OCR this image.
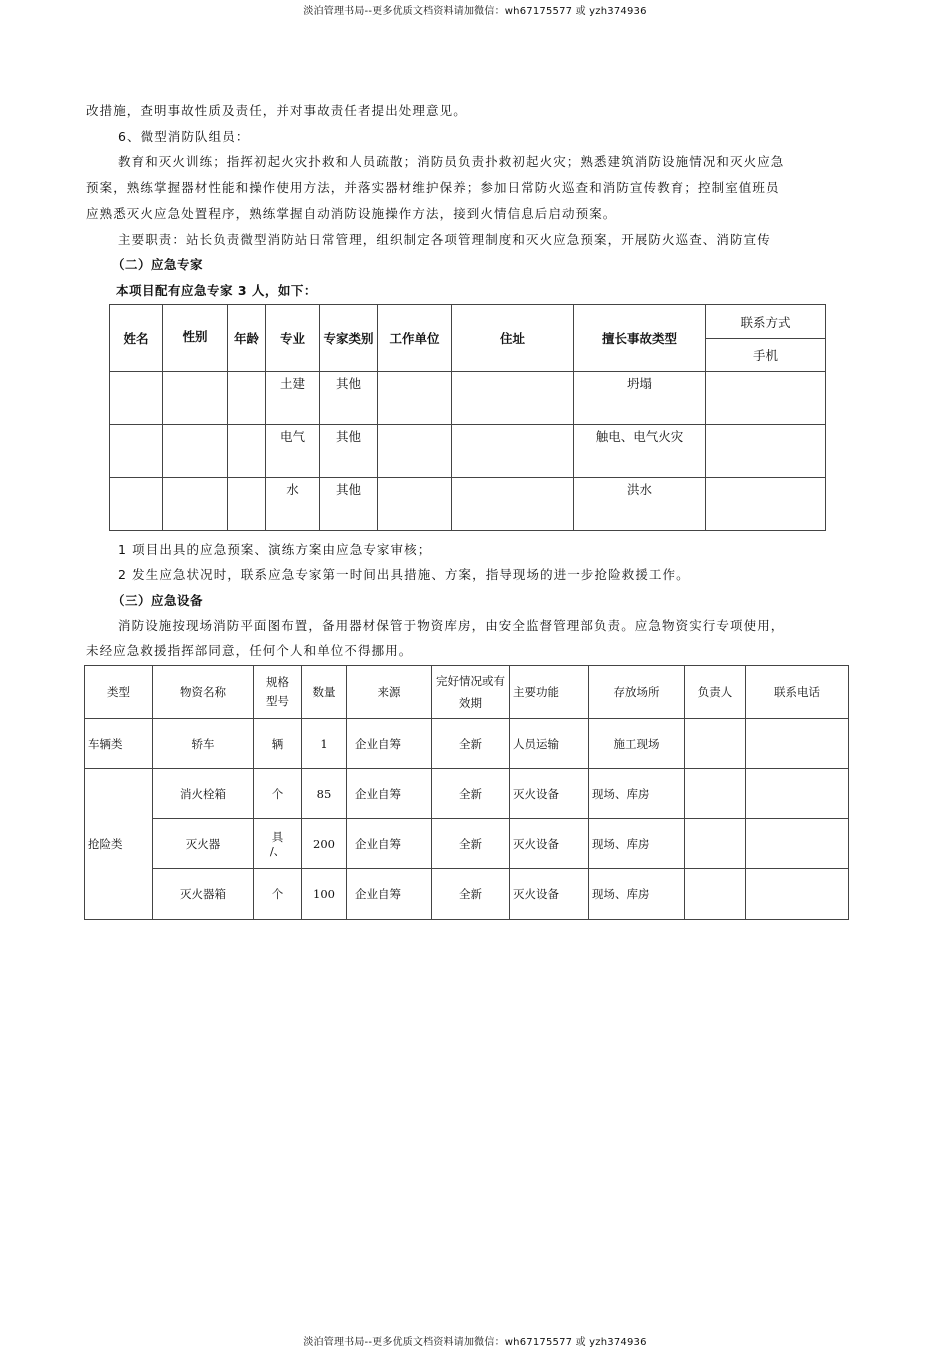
淡泊管理书局--更多优质文档资料请加微信：wh67175577 或 yzh374936
改措施，查明事故性质及责任，并对事故责任者提出处理意见。
6、微型消防队组员：
教育和灭火训练；指挥初起火灾扑救和人员疏散；消防员负责扑救初起火灾；熟悉建筑消防设施情况和灭火应急
预案，熟练掌握器材性能和操作使用方法，并落实器材维护保养；参加日常防火巡查和消防宣传教育；控制室值班员
应熟悉灭火应急处置程序，熟练掌握自动消防设施操作方法，接到火情信息后启动预案。
主要职责：站长负责微型消防站日常管理，组织制定各项管理制度和灭火应急预案，开展防火巡查、消防宣传
（二）应急专家
本项目配有应急专家 3 人，如下：
姓名	性别	年龄	专业	专家类别	工作单位	住址	擅长事故类型	联系方式
								手机
			土建	其他			坍塌	
			电气	其他			触电、电气火灾	
			水	其他			洪水	
1 项目出具的应急预案、演练方案由应急专家审核；
2 发生应急状况时，联系应急专家第一时间出具措施、方案，指导现场的进一步抢险救援工作。
（三）应急设备
消防设施按现场消防平面图布置，备用器材保管于物资库房，由安全监督管理部负责。应急物资实行专项使用，
未经应急救援指挥部同意，任何个人和单位不得挪用。
类型	物资名称	规格
型号	数量	来源	完好情况或有
效期	主要功能	存放场所	负责人	联系电话
车辆类	轿车	辆	1	企业自筹	全新	人员运输	施工现场		
抢险类	消火栓箱	个	85	企业自筹	全新	灭火设备	现场、库房		
	灭火器	具
/、	200	企业自筹	全新	灭火设备	现场、库房		
	灭火器箱	个	100	企业自筹	全新	灭火设备	现场、库房		
淡泊管理书局--更多优质文档资料请加微信：wh67175577 或 yzh374936
